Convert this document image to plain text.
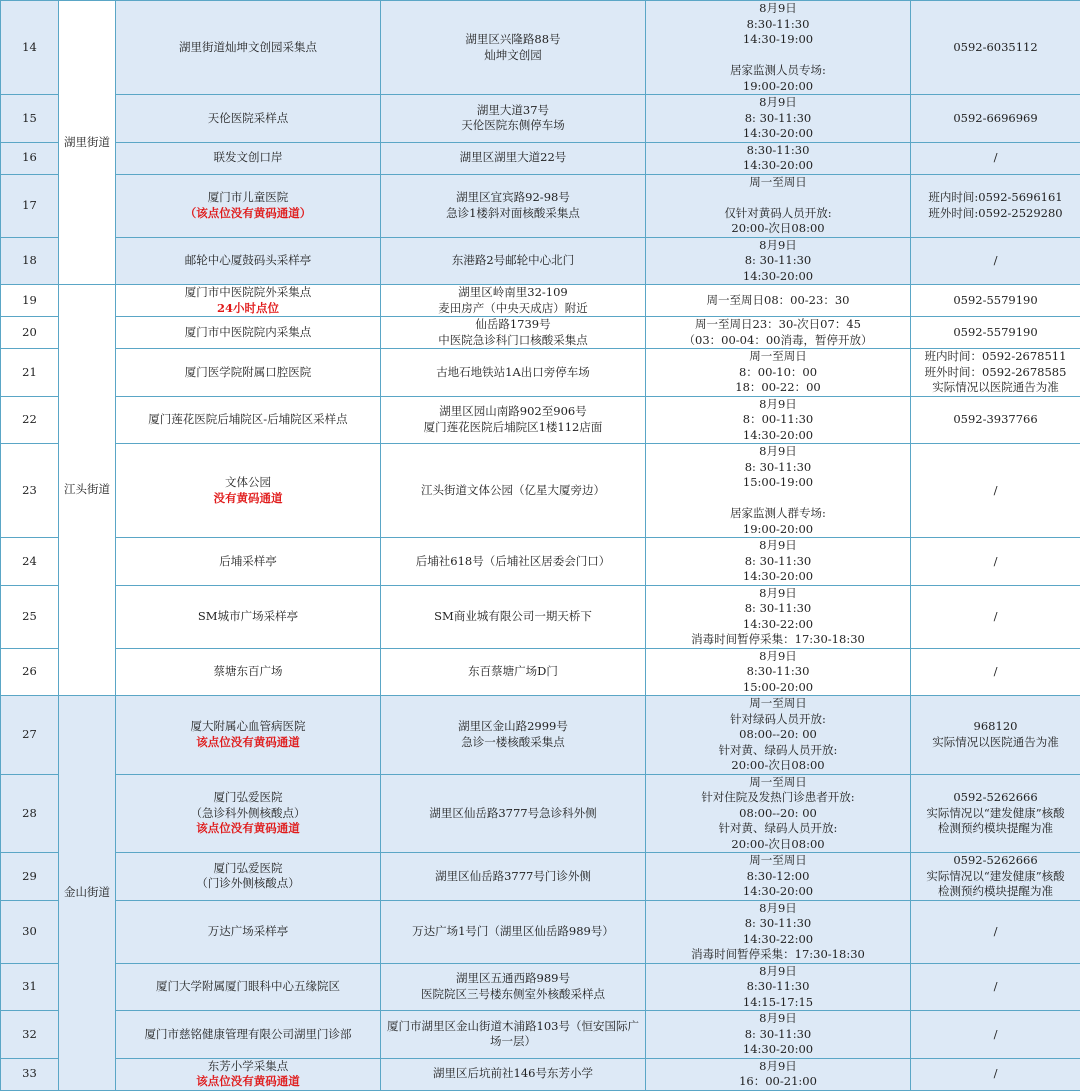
14	湖里街道	湖里街道灿坤文创园采集点	湖里区兴隆路88号
灿坤文创园	8月9日
8:30-11:30
14:30-19:00
居家监测人员专场:
19:00-20:00	0592-6035112

15		天伦医院采样点	湖里大道37号
天伦医院东侧停车场	8月9日
8: 30-11:30
14:30-20:00	0592-6696969

16		联发文创口岸	湖里区湖里大道22号	8:30-11:30
14:30-20:00	/

17		厦门市儿童医院
（该点位没有黄码通道）	湖里区宜宾路92-98号
急诊1楼斜对面核酸采集点	周一至周日
仅针对黄码人员开放:
20:00-次日08:00	班内时间:0592-5696161
班外时间:0592-2529280

18		邮轮中心厦鼓码头采样亭	东港路2号邮轮中心北门	8月9日
8: 30-11:30
14:30-20:00	/

19	江头街道	厦门市中医院院外采集点
24小时点位	湖里区岭南里32-109
麦田房产（中央天成店）附近	周一至周日08：00-23：30	0592-5579190

20		厦门市中医院院内采集点	仙岳路1739号
中医院急诊科门口核酸采集点	周一至周日23：30-次日07：45
（03：00-04：00消毒，暂停开放）	0592-5579190

21		厦门医学院附属口腔医院	古地石地铁站1A出口旁停车场	周一至周日
8：00-10：00
18：00-22：00	班内时间：0592-2678511
班外时间：0592-2678585
实际情况以医院通告为准

22		厦门莲花医院后埔院区-后埔院区采样点	湖里区园山南路902至906号
厦门莲花医院后埔院区1楼112店面	8月9日
8：00-11:30
14:30-20:00	0592-3937766

23		文体公园
没有黄码通道	江头街道文体公园（亿星大厦旁边）	8月9日
8: 30-11:30
15:00-19:00
居家监测人群专场:
19:00-20:00	/

24		后埔采样亭	后埔社618号（后埔社区居委会门口）	8月9日
8: 30-11:30
14:30-20:00	/

25		SM城市广场采样亭	SM商业城有限公司一期天桥下	8月9日
8: 30-11:30
14:30-22:00
消毒时间暂停采集：17:30-18:30	/

26		蔡塘东百广场	东百蔡塘广场D门	8月9日
8:30-11:30
15:00-20:00	/

27	金山街道	厦大附属心血管病医院
该点位没有黄码通道	湖里区金山路2999号
急诊一楼核酸采集点	周一至周日
针对绿码人员开放:
08:00--20: 00
针对黄、绿码人员开放:
20:00-次日08:00	968120
实际情况以医院通告为准

28		厦门弘爱医院
（急诊科外侧核酸点）
该点位没有黄码通道	湖里区仙岳路3777号急诊科外侧	周一至周日
针对住院及发热门诊患者开放:
08:00--20: 00
针对黄、绿码人员开放:
20:00-次日08:00	0592-5262666
实际情况以“建发健康”核酸
检测预约模块提醒为准

29		厦门弘爱医院
（门诊外侧核酸点）	湖里区仙岳路3777号门诊外侧	周一至周日
8:30-12:00
14:30-20:00	0592-5262666
实际情况以“建发健康”核酸
检测预约模块提醒为准

30		万达广场采样亭	万达广场1号门（湖里区仙岳路989号）	8月9日
8: 30-11:30
14:30-22:00
消毒时间暂停采集：17:30-18:30	/

31		厦门大学附属厦门眼科中心五缘院区	湖里区五通西路989号
医院院区三号楼东侧室外核酸采样点	8月9日
8:30-11:30
14:15-17:15	/

32		厦门市慈铭健康管理有限公司湖里门诊部	厦门市湖里区金山街道木浦路103号（恒安国际广
场一层）	8月9日
8: 30-11:30
14:30-20:00	/

33		东芳小学采集点
该点位没有黄码通道	湖里区后坑前社146号东芳小学	8月9日
16：00-21:00	/
